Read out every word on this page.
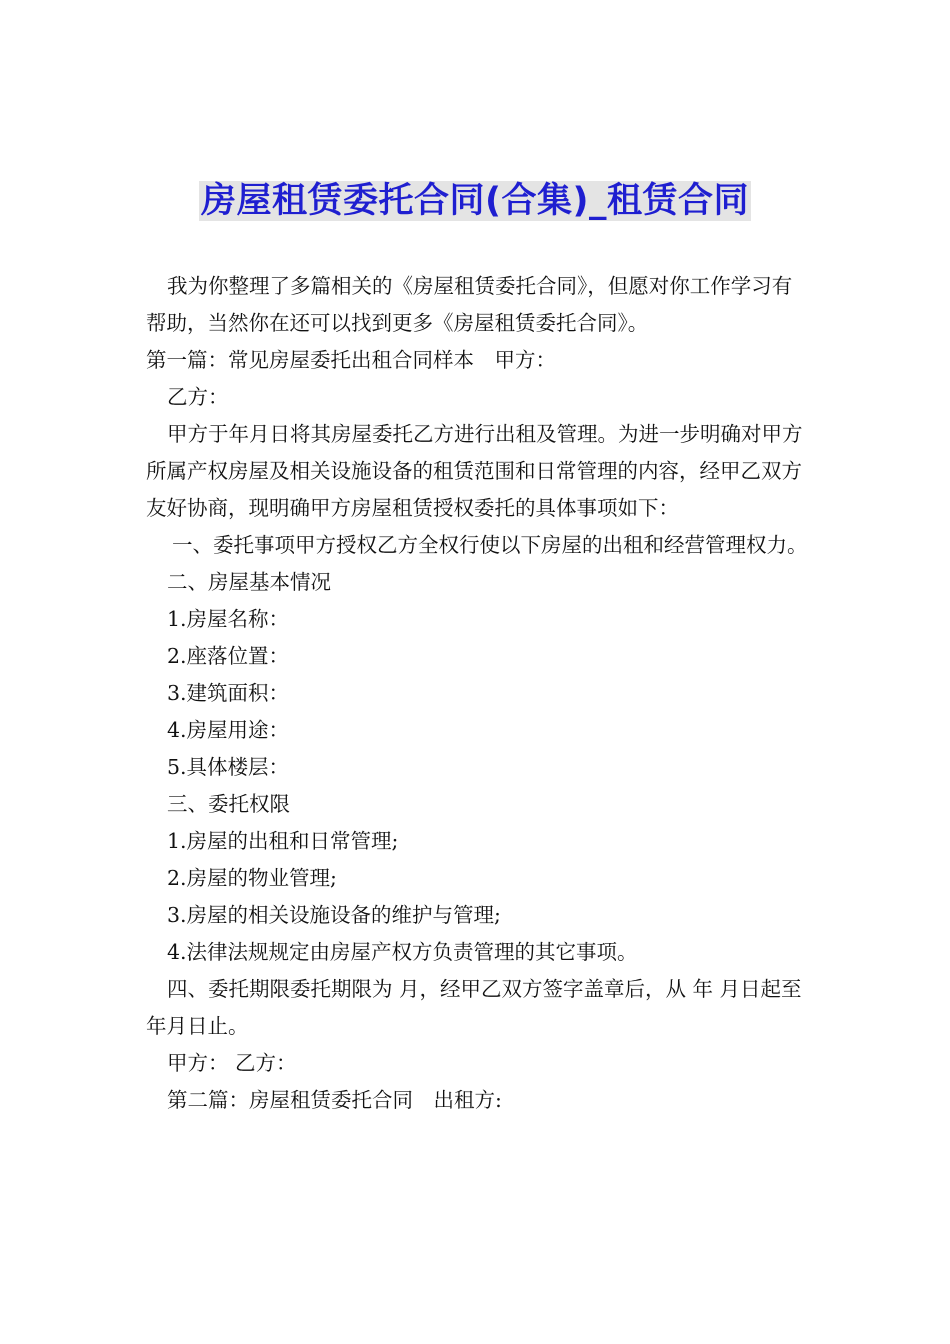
房屋租赁委托合同(合集)_租赁合同

我为你整理了多篇相关的《房屋租赁委托合同》，但愿对你工作学习有帮助，当然你在还可以找到更多《房屋租赁委托合同》。

第一篇：常见房屋委托出租合同样本　甲方：

乙方：

甲方于年月日将其房屋委托乙方进行出租及管理。为进一步明确对甲方所属产权房屋及相关设施设备的租赁范围和日常管理的内容，经甲乙双方友好协商，现明确甲方房屋租赁授权委托的具体事项如下：

一、委托事项甲方授权乙方全权行使以下房屋的出租和经营管理权力。

二、房屋基本情况

1.房屋名称：

2.座落位置：

3.建筑面积：

4.房屋用途：

5.具体楼层：

三、委托权限

1.房屋的出租和日常管理;

2.房屋的物业管理;

3.房屋的相关设施设备的维护与管理;

4.法律法规规定由房屋产权方负责管理的其它事项。

四、委托期限委托期限为 月，经甲乙双方签字盖章后，从 年 月日起至年月日止。

甲方： 乙方：

第二篇：房屋租赁委托合同　出租方:
